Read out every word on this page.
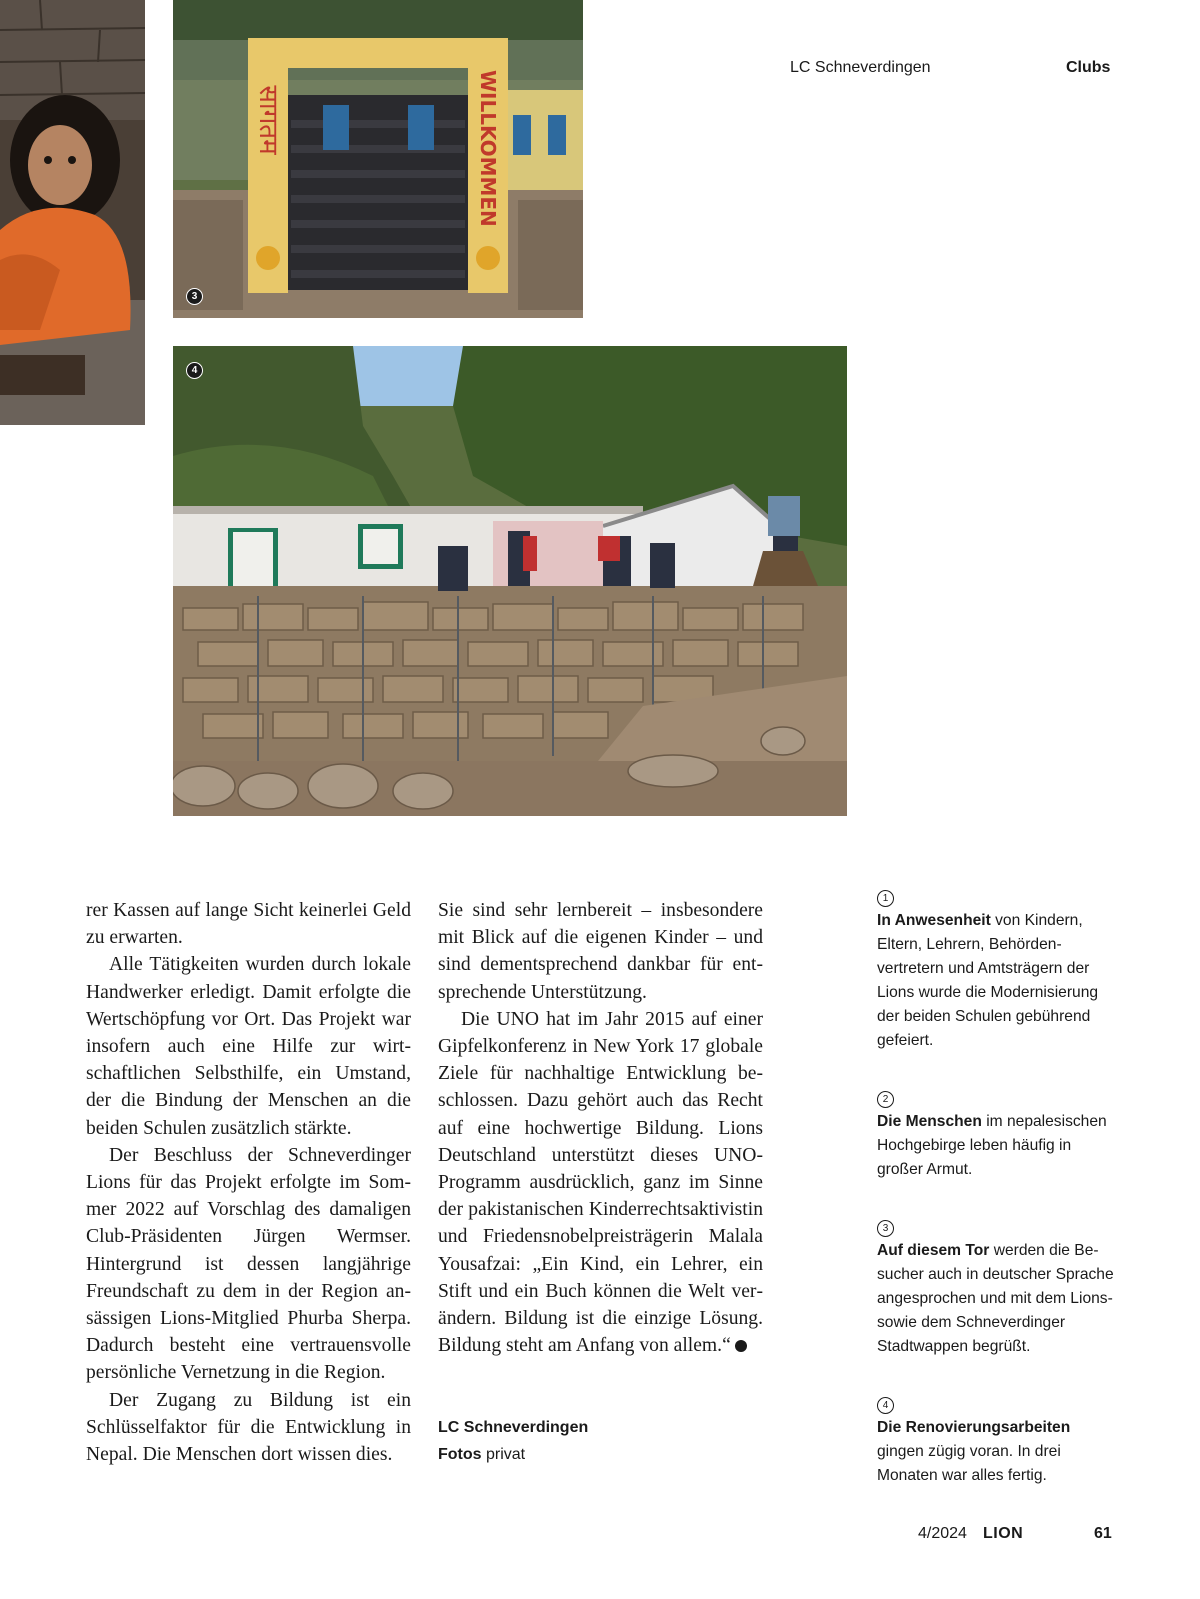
LC Schneverdingen	Clubs
सागतम	WILLKOMMEN
3
4

rer Kassen auf lange Sicht keinerlei Geld zu erwarten.

Alle Tätigkeiten wurden durch lokale Handwerker erledigt. Damit erfolgte die Wertschöpfung vor Ort. Das Projekt war insofern auch eine Hilfe zur wirtschaftlichen Selbsthilfe, ein Umstand, der die Bindung der Menschen an die beiden Schulen zusätzlich stärkte.

Der Beschluss der Schneverdinger Lions für das Projekt erfolgte im Sommer 2022 auf Vorschlag des damaligen Club-Präsidenten Jürgen Wermser. Hintergrund ist dessen langjährige Freundschaft zu dem in der Region ansässigen Lions-Mitglied Phurba Sherpa. Dadurch besteht eine vertrauensvolle persönliche Vernetzung in die Region.

Der Zugang zu Bildung ist ein Schlüsselfaktor für die Entwicklung in Nepal. Die Menschen dort wissen dies.

Sie sind sehr lernbereit – insbesondere mit Blick auf die eigenen Kinder – und sind dementsprechend dankbar für entsprechende Unterstützung.

Die UNO hat im Jahr 2015 auf einer Gipfelkonferenz in New York 17 globale Ziele für nachhaltige Entwicklung beschlossen. Dazu gehört auch das Recht auf eine hochwertige Bildung. Lions Deutschland unterstützt dieses UNO-Programm ausdrücklich, ganz im Sinne der pakistanischen Kinderrechtsaktivistin und Friedensnobelpreisträgerin Malala Yousafzai: „Ein Kind, ein Lehrer, ein Stift und ein Buch können die Welt verändern. Bildung ist die einzige Lösung. Bildung steht am Anfang von allem.“

LC Schneverdingen
Fotos privat
1
In Anwesenheit von Kindern, Eltern, Lehrern, Behördenvertretern und Amtsträgern der Lions wurde die Modernisierung der beiden Schulen gebührend gefeiert.
2
Die Menschen im nepalesischen Hochgebirge leben häufig in großer Armut.
3
Auf diesem Tor werden die Besucher auch in deutscher Sprache angesprochen und mit dem Lions- sowie dem Schneverdinger Stadtwappen begrüßt.
4
Die Renovierungsarbeiten gingen zügig voran. In drei Monaten war alles fertig.
4/2024 LION	61
